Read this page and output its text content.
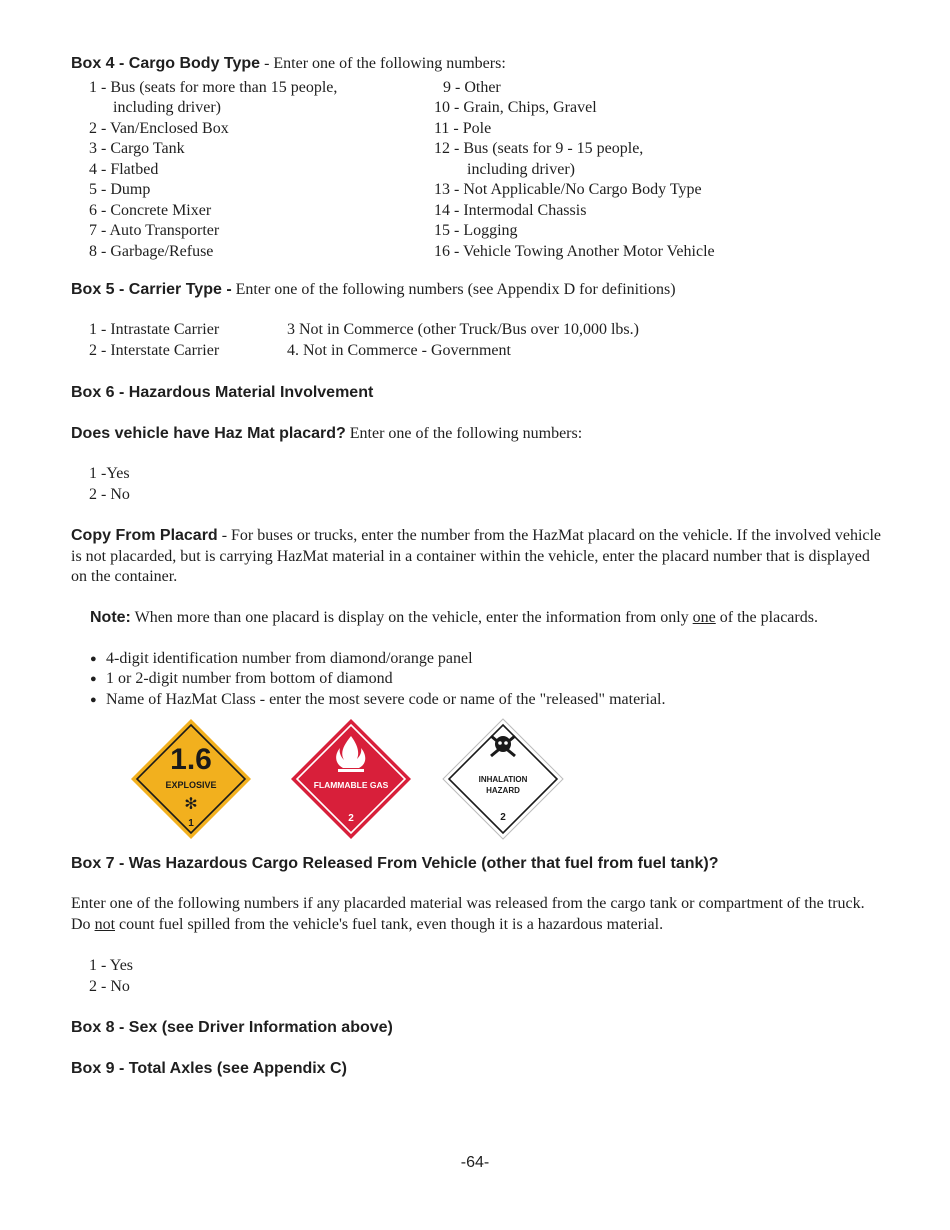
Box 4 - Cargo Body Type - Enter one of the following numbers:
1 - Bus (seats for more than 15 people,
including driver)
2 - Van/Enclosed Box
3 - Cargo Tank
4 - Flatbed
5 - Dump
6 - Concrete Mixer
7 - Auto Transporter
8 - Garbage/Refuse
9 - Other
10 - Grain, Chips, Gravel
11 - Pole
12 - Bus (seats for 9 - 15 people,
including driver)
13 - Not Applicable/No Cargo Body Type
14 - Intermodal Chassis
15 - Logging
16 - Vehicle Towing Another Motor Vehicle
Box 5 - Carrier Type - Enter one of the following numbers (see Appendix D for definitions)
1 - Intrastate Carrier
2 - Interstate Carrier
3 Not in Commerce (other Truck/Bus over 10,000 lbs.)
4. Not in Commerce - Government
Box 6 - Hazardous Material Involvement
Does vehicle have Haz Mat placard? Enter one of the following numbers:
1 -Yes
2 - No
Copy From Placard - For buses or trucks, enter the number from the HazMat placard on the vehicle. If the involved vehicle is not placarded, but is carrying HazMat material in a container within the vehicle, enter the placard number that is displayed on the container.
Note: When more than one placard is display on the vehicle, enter the information from only one of the placards.
● 4-digit identification number from diamond/orange panel
● 1 or 2-digit number from bottom of diamond
● Name of HazMat Class - enter the most severe code or name of the "released" material.
1.6
EXPLOSIVE
✻
1
FLAMMABLE GAS
2
INHALATION
HAZARD
2
Box 7 - Was Hazardous Cargo Released From Vehicle (other that fuel from fuel tank)?
Enter one of the following numbers if any placarded material was released from the cargo tank or compartment of the truck. Do not count fuel spilled from the vehicle's fuel tank, even though it is a hazardous material.
1 - Yes
2 - No
Box 8 - Sex (see Driver Information above)
Box 9 - Total Axles (see Appendix C)
-64-
